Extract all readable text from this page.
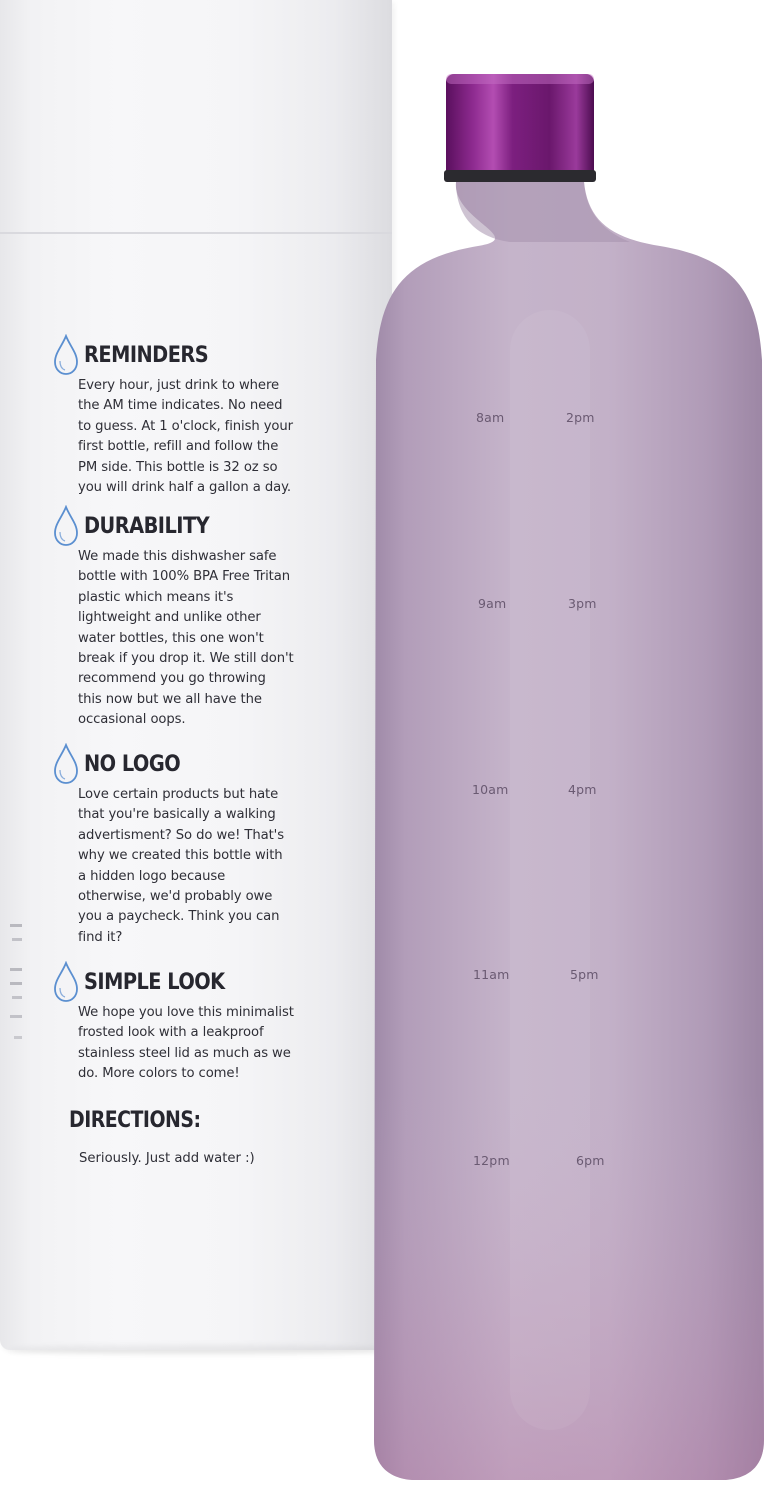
REMINDERS
Every hour, just drink to where
the AM time indicates. No need
to guess. At 1 o'clock, finish your
first bottle, refill and follow the
PM side. This bottle is 32 oz so
you will drink half a gallon a day.
DURABILITY
We made this dishwasher safe
bottle with 100% BPA Free Tritan
plastic which means it's
lightweight and unlike other
water bottles, this one won't
break if you drop it. We still don't
recommend you go throwing
this now but we all have the
occasional oops.
NO LOGO
Love certain products but hate
that you're basically a walking
advertisment? So do we! That's
why we created this bottle with
a hidden logo because
otherwise, we'd probably owe
you a paycheck. Think you can
find it?
SIMPLE LOOK
We hope you love this minimalist
frosted look with a leakproof
stainless steel lid as much as we
do. More colors to come!
DIRECTIONS:
Seriously. Just add water :)
8am	2pm
9am	3pm
10am	4pm
11am	5pm
12pm	6pm
